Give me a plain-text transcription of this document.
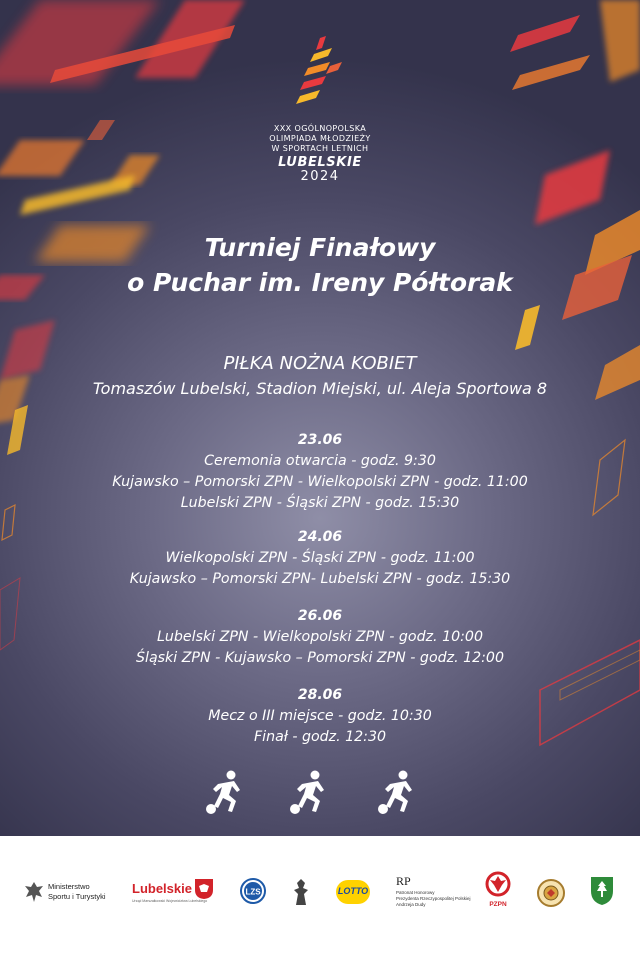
XXX OGÓLNOPOLSKA
OLIMPIADA MŁODZIEŻY
W SPORTACH LETNICH
LUBELSKIE
2024
Turniej Finałowy
o Puchar im. Ireny Półtorak
PIŁKA NOŻNA KOBIET
Tomaszów Lubelski, Stadion Miejski, ul. Aleja Sportowa 8
23.06
Ceremonia otwarcia - godz. 9:30
Kujawsko – Pomorski ZPN - Wielkopolski ZPN - godz. 11:00
Lubelski ZPN - Śląski ZPN - godz. 15:30
24.06
Wielkopolski ZPN - Śląski ZPN - godz. 11:00
Kujawsko – Pomorski ZPN- Lubelski ZPN - godz. 15:30
26.06
Lubelski ZPN - Wielkopolski ZPN - godz. 10:00
Śląski ZPN - Kujawsko – Pomorski ZPN - godz. 12:00
28.06
Mecz o III miejsce - godz. 10:30
Finał - godz. 12:30
Ministerstwo
Sportu i Turystyki
Lubelskie
Urząd Marszałkowski Województwa Lubelskiego
LZS	LOTTO
RP
Patronat Honorowy
Prezydenta Rzeczypospolitej Polskiej
Andrzeja Dudy	PZPN
